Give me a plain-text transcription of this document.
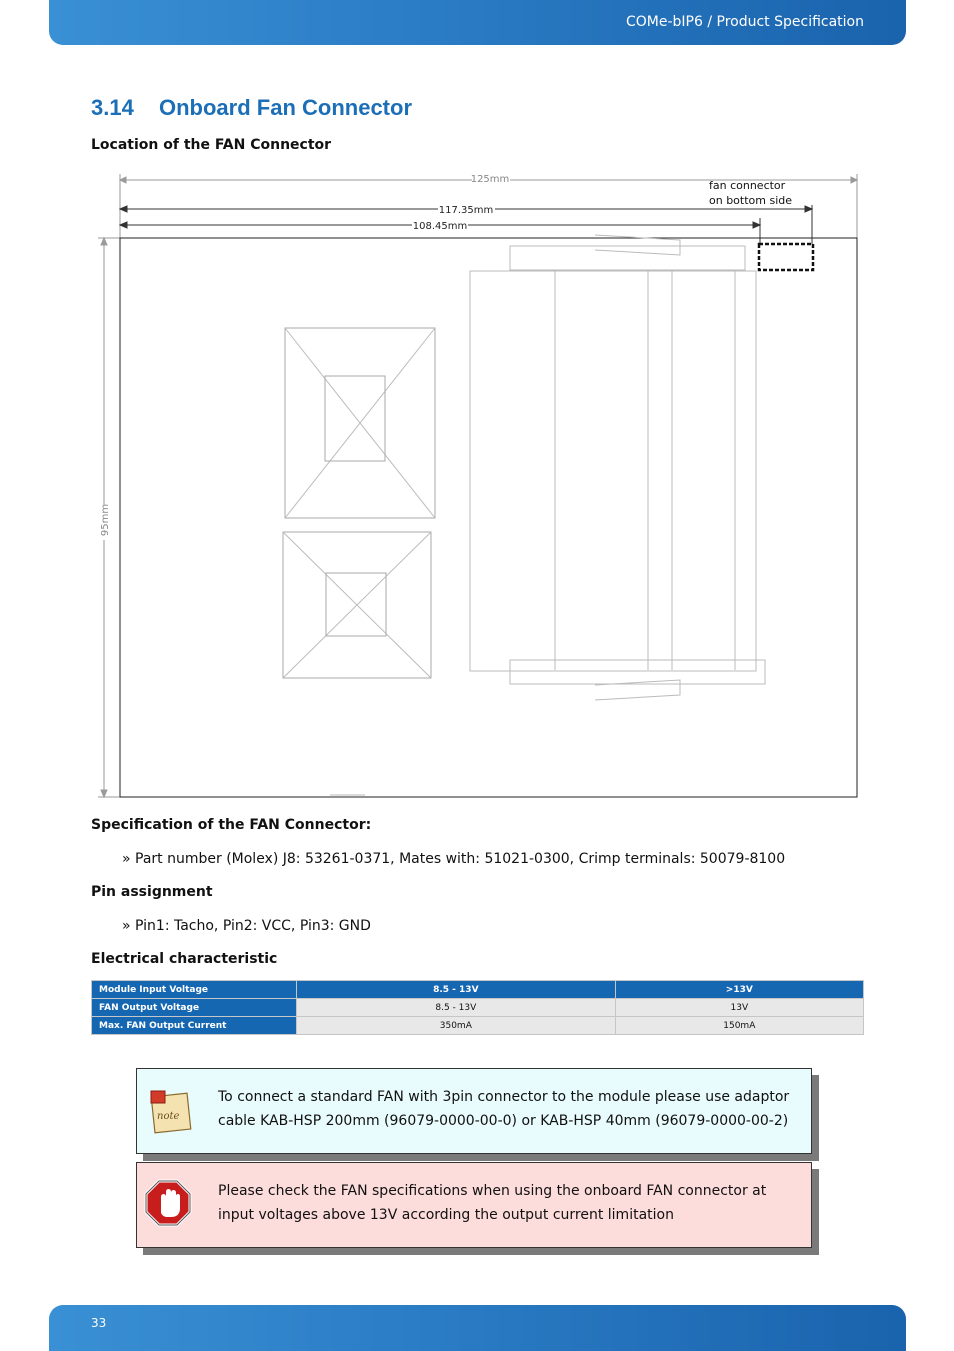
COMe-bIP6 / Product Specification
3.14 Onboard Fan Connector
Location of the FAN Connector
125mm
117.35mm
108.45mm
95mm
fan connector
on bottom side
Specification of the FAN Connector:
» Part number (Molex) J8: 53261-0371, Mates with: 51021-0300, Crimp terminals: 50079-8100
Pin assignment
» Pin1: Tacho, Pin2: VCC, Pin3: GND
Electrical characteristic
Module Input Voltage	8.5 - 13V	>13V
FAN Output Voltage	8.5 - 13V	13V
Max. FAN Output Current	350mA	150mA
note
To connect a standard FAN with 3pin connector to the module please use adaptor cable KAB-HSP 200mm (96079-0000-00-0) or KAB-HSP 40mm (96079-0000-00-2)
Please check the FAN specifications when using the onboard FAN connector at input voltages above 13V according the output current limitation
33
